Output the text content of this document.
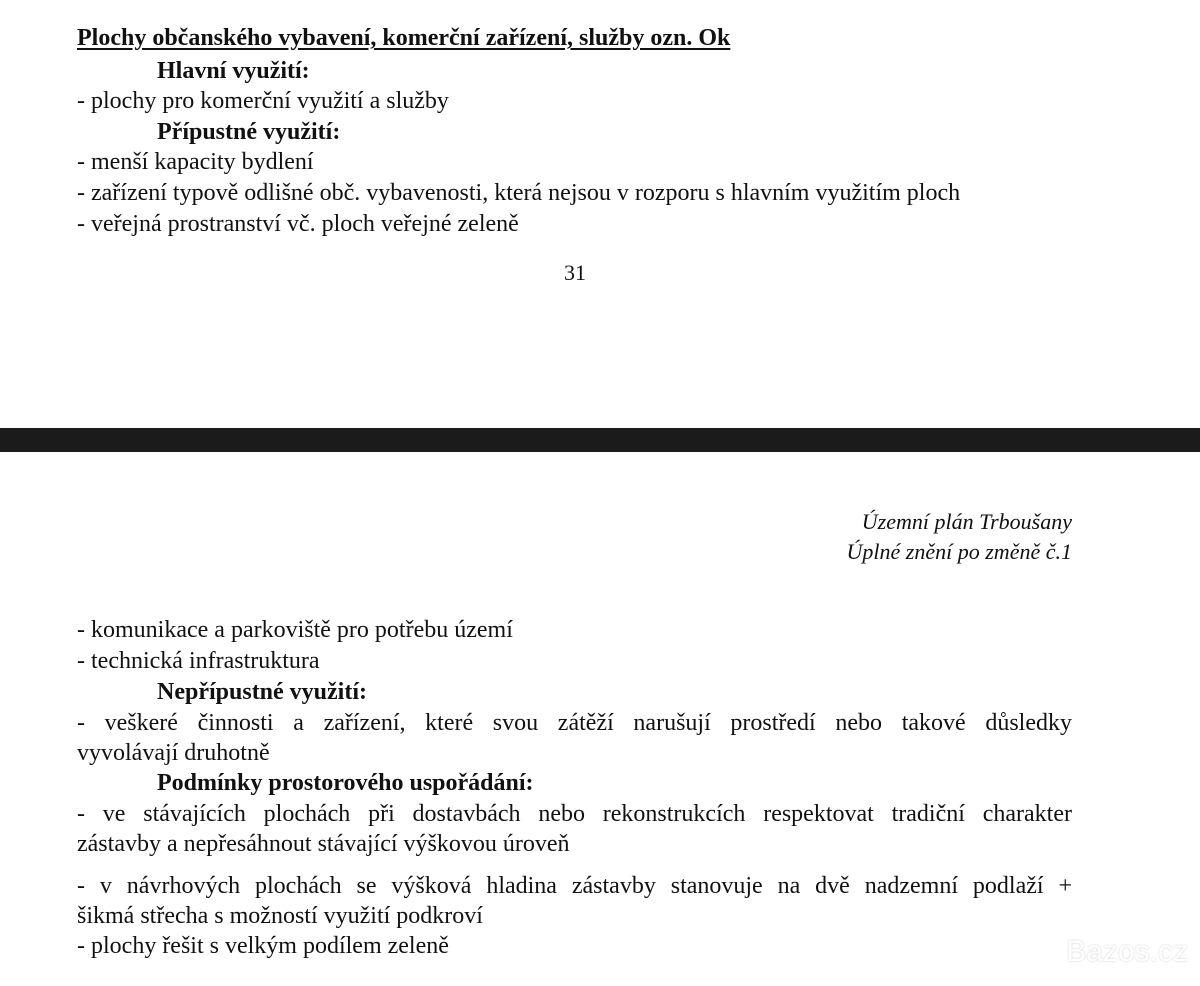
Plochy občanského vybavení, komerční zařízení, služby ozn. Ok
Hlavní využití:
- plochy pro komerční využití a služby
Přípustné využití:
- menší kapacity bydlení
- zařízení typově odlišné obč. vybavenosti, která nejsou v rozporu s hlavním využitím ploch
- veřejná prostranství vč. ploch veřejné zeleně
31
Územní plán Trboušany
Úplné znění po změně č.1
- komunikace a parkoviště pro potřebu území
- technická infrastruktura
Nepřípustné využití:
- veškeré činnosti a zařízení, které svou zátěží narušují prostředí nebo takové důsledky
vyvolávají druhotně
Podmínky prostorového uspořádání:
- ve stávajících plochách při dostavbách nebo rekonstrukcích respektovat tradiční charakter
zástavby a nepřesáhnout stávající výškovou úroveň
- v návrhových plochách se výšková hladina zástavby stanovuje na dvě nadzemní podlaží +
šikmá střecha s možností využití podkroví
- plochy řešit s velkým podílem zeleně	Bazos.cz
